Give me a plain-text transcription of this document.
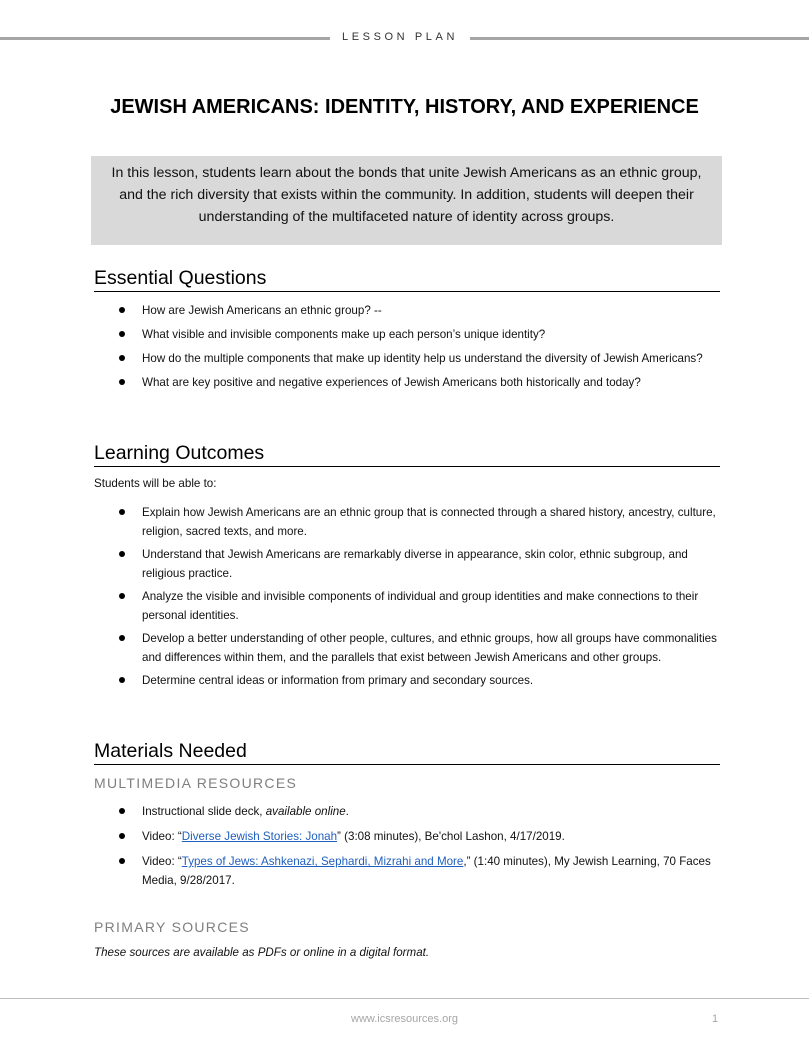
LESSON PLAN
JEWISH AMERICANS: IDENTITY, HISTORY, AND EXPERIENCE
In this lesson, students learn about the bonds that unite Jewish Americans as an ethnic group, and the rich diversity that exists within the community. In addition, students will deepen their understanding of the multifaceted nature of identity across groups.
Essential Questions
How are Jewish Americans an ethnic group? --
What visible and invisible components make up each person’s unique identity?
How do the multiple components that make up identity help us understand the diversity of Jewish Americans?
What are key positive and negative experiences of Jewish Americans both historically and today?
Learning Outcomes
Students will be able to:
Explain how Jewish Americans are an ethnic group that is connected through a shared history, ancestry, culture, religion, sacred texts, and more.
Understand that Jewish Americans are remarkably diverse in appearance, skin color, ethnic subgroup, and religious practice.
Analyze the visible and invisible components of individual and group identities and make connections to their personal identities.
Develop a better understanding of other people, cultures, and ethnic groups, how all groups have commonalities and differences within them, and the parallels that exist between Jewish Americans and other groups.
Determine central ideas or information from primary and secondary sources.
Materials Needed
MULTIMEDIA RESOURCES
Instructional slide deck, available online.
Video: “Diverse Jewish Stories: Jonah” (3:08 minutes), Be'chol Lashon, 4/17/2019.
Video: “Types of Jews: Ashkenazi, Sephardi, Mizrahi and More,” (1:40 minutes), My Jewish Learning, 70 Faces Media, 9/28/2017.
PRIMARY SOURCES
These sources are available as PDFs or online in a digital format.
www.icsresources.org	1
